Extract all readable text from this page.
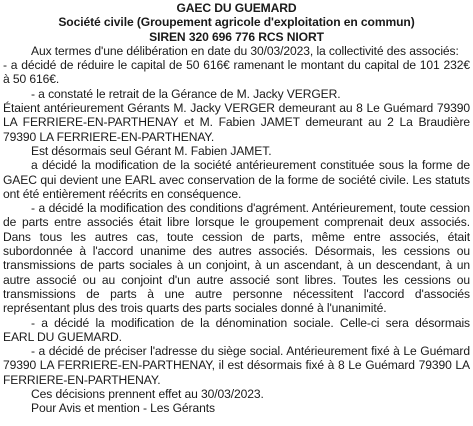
GAEC DU GUEMARD

Société civile (Groupement agricole d'exploitation en commun)

SIREN 320 696 776 RCS NIORT

Aux termes d'une délibération en date du 30/03/2023, la collectivité des associés:

- a décidé de réduire le capital de 50 616€ ramenant le montant du capital de 101 232€ à 50 616€.

- a constaté le retrait de la Gérance de M. Jacky VERGER.

Étaient antérieurement Gérants M. Jacky VERGER demeurant au 8 Le Guémard 79390 LA FERRIERE-EN-PARTHENAY et M. Fabien JAMET demeurant au 2 La Braudière 79390 LA FERRIERE-EN-PARTHENAY.

Est désormais seul Gérant M. Fabien JAMET.

a décidé la modification de la société antérieurement constituée sous la forme de GAEC qui devient une EARL avec conservation de la forme de société civile. Les statuts ont été entièrement réécrits en conséquence.

- a décidé la modification des conditions d'agrément. Antérieurement, toute cession de parts entre associés était libre lorsque le groupement comprenait deux associés. Dans tous les autres cas, toute cession de parts, même entre associés, était subordonnée à l'accord unanime des autres associés. Désormais, les cessions ou transmissions de parts sociales à un conjoint, à un ascendant, à un descendant, à un autre associé ou au conjoint d'un autre associé sont libres. Toutes les cessions ou transmissions de parts à une autre personne nécessitent l'accord d'associés représentant plus des trois quarts des parts sociales donné à l'unanimité.

- a décidé la modification de la dénomination sociale. Celle-ci sera désormais EARL DU GUEMARD.

- a décidé de préciser l'adresse du siège social. Antérieurement fixé à Le Guémard 79390 LA FERRIERE-EN-PARTHENAY, il est désormais fixé à 8 Le Guémard 79390 LA FERRIERE-EN-PARTHENAY.

Ces décisions prennent effet au 30/03/2023.

Pour Avis et mention - Les Gérants
